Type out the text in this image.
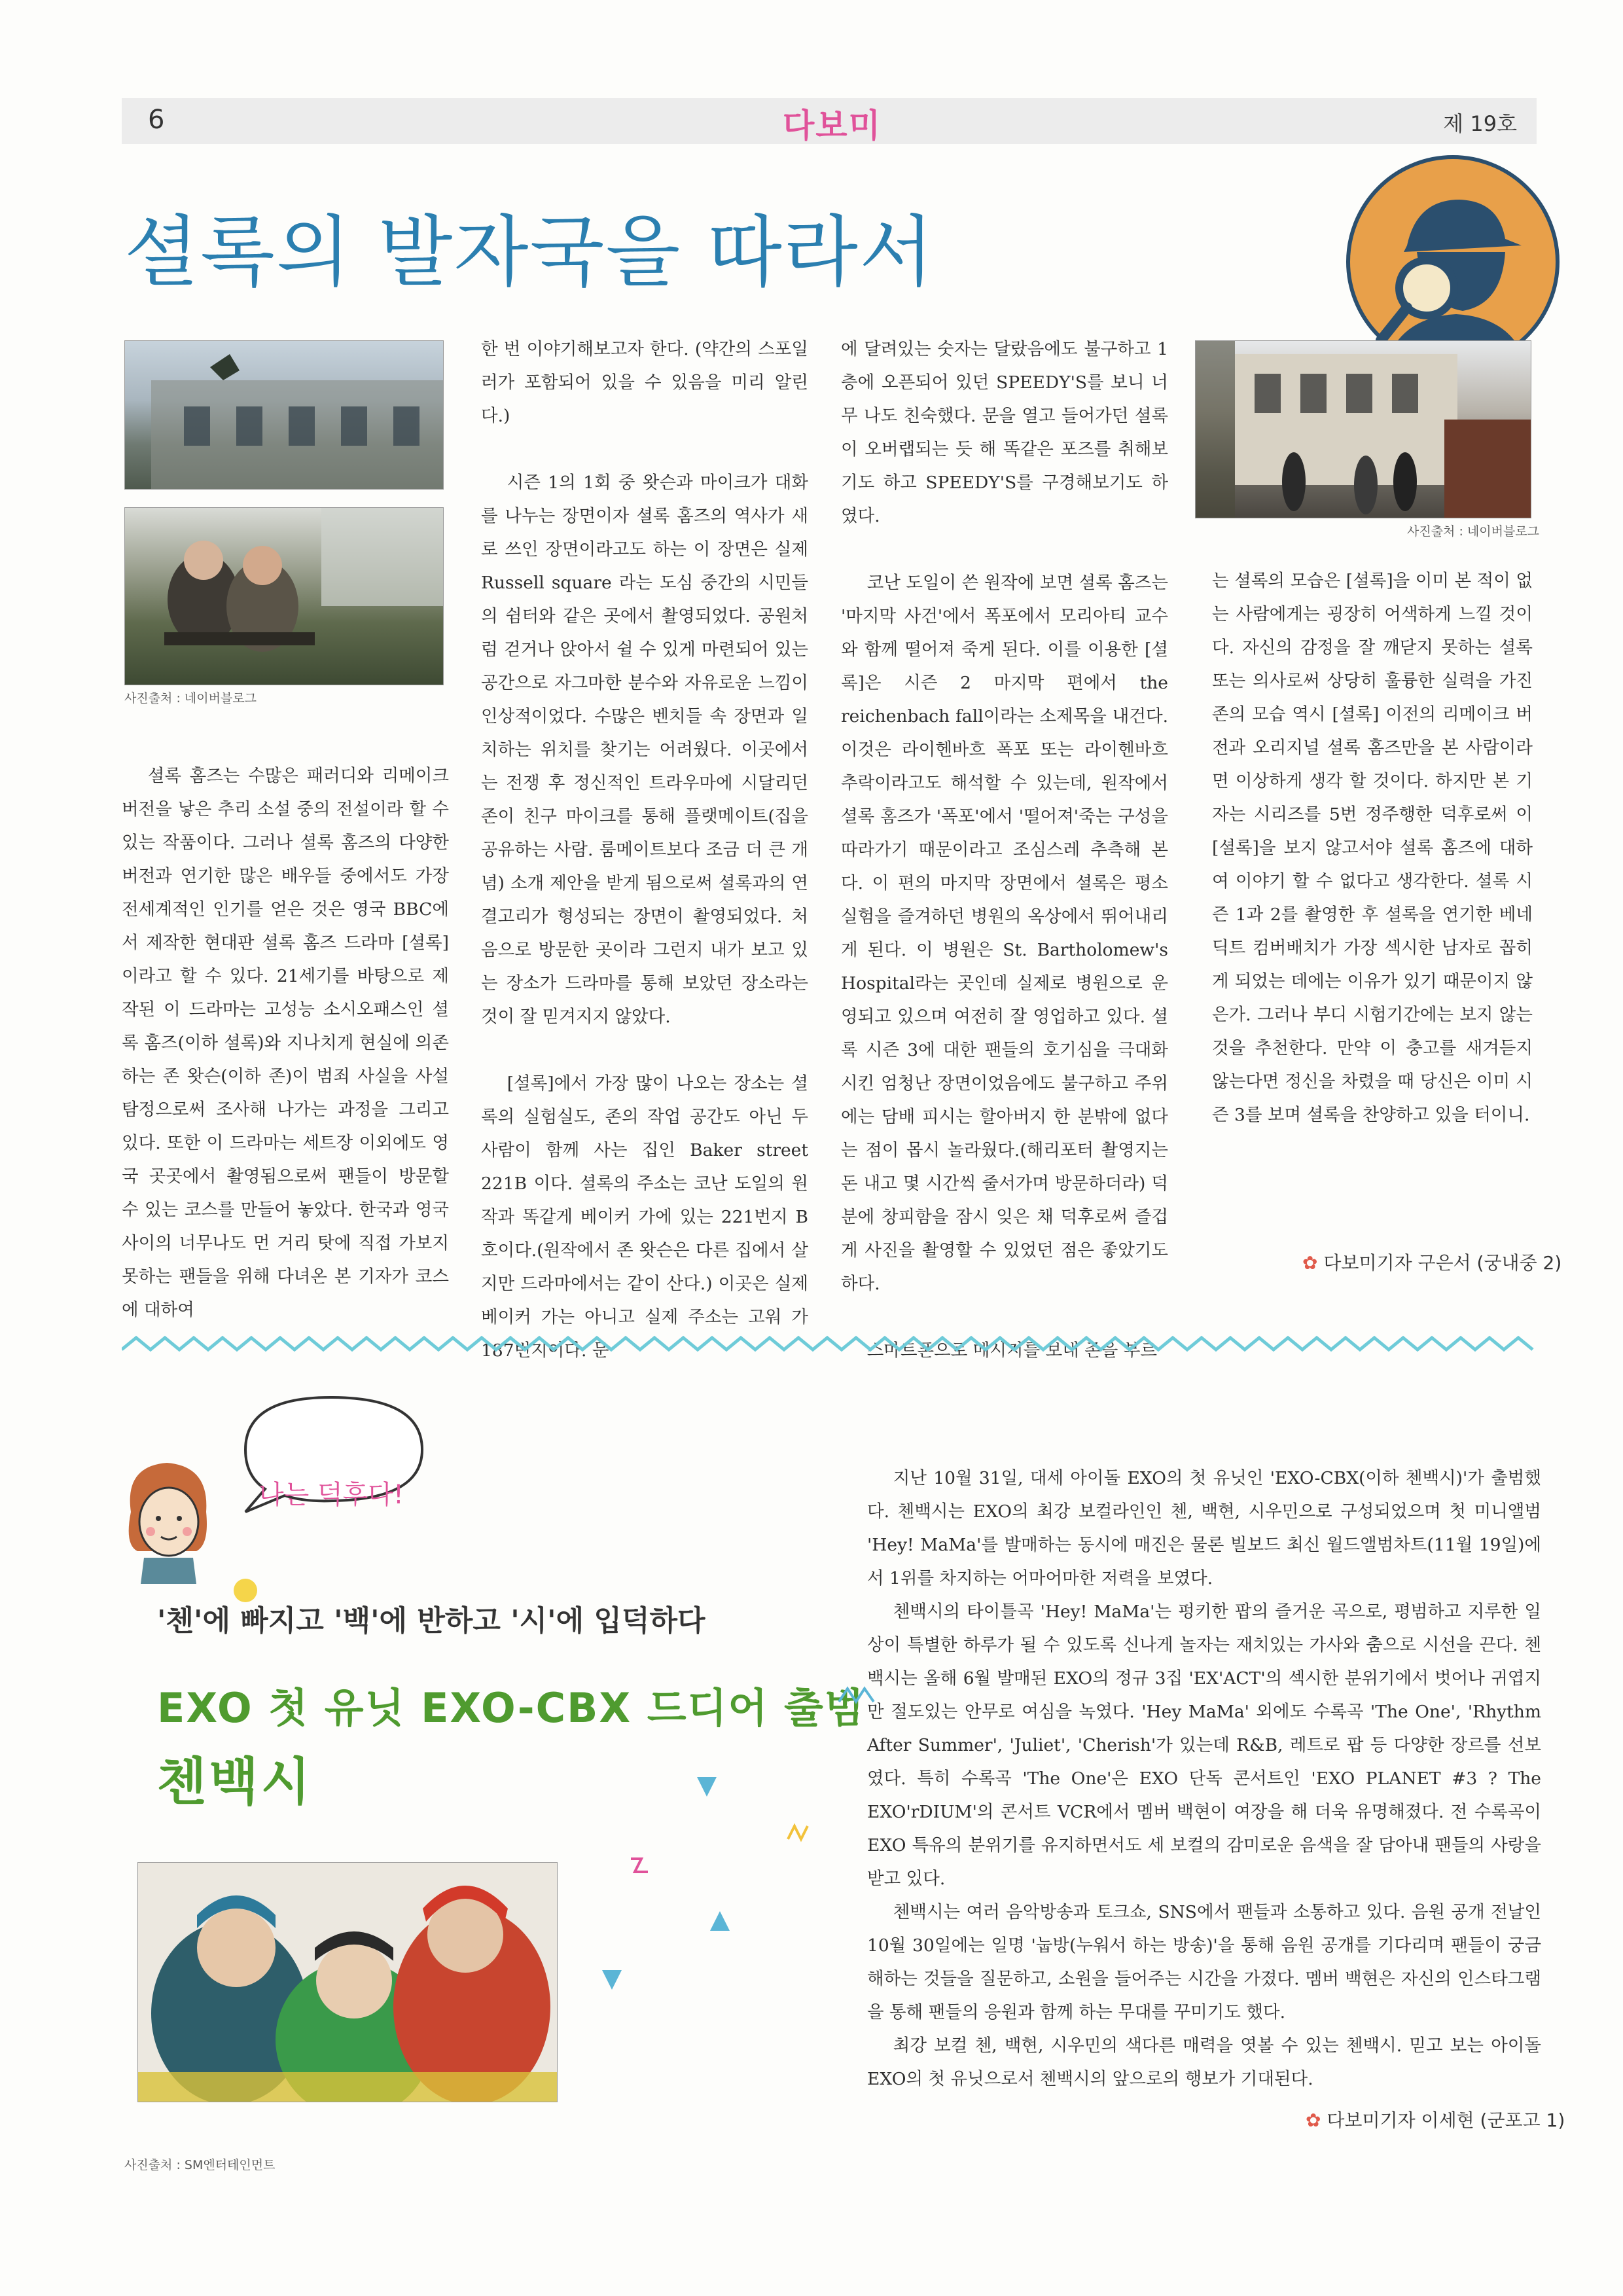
6	다보미	제 19호
셜록의 발자국을 따라서
사진출처 : 네이버블로그
사진출처 : 네이버블로그

셜록 홈즈는 수많은 패러디와 리메이크 버전을 낳은 추리 소설 중의 전설이라 할 수 있는 작품이다. 그러나 셜록 홈즈의 다양한 버전과 연기한 많은 배우들 중에서도 가장 전세계적인 인기를 얻은 것은 영국 BBC에서 제작한 현대판 셜록 홈즈 드라마 [셜록]이라고 할 수 있다. 21세기를 바탕으로 제작된 이 드라마는 고성능 소시오패스인 셜록 홈즈(이하 셜록)와 지나치게 현실에 의존하는 존 왓슨(이하 존)이 범죄 사실을 사설 탐정으로써 조사해 나가는 과정을 그리고 있다. 또한 이 드라마는 세트장 이외에도 영국 곳곳에서 촬영됨으로써 팬들이 방문할 수 있는 코스를 만들어 놓았다. 한국과 영국 사이의 너무나도 먼 거리 탓에 직접 가보지 못하는 팬들을 위해 다녀온 본 기자가 코스에 대하여

한 번 이야기해보고자 한다. (약간의 스포일러가 포함되어 있을 수 있음을 미리 알린다.)

시즌 1의 1회 중 왓슨과 마이크가 대화를 나누는 장면이자 셜록 홈즈의 역사가 새로 쓰인 장면이라고도 하는 이 장면은 실제 Russell square 라는 도심 중간의 시민들의 쉼터와 같은 곳에서 촬영되었다. 공원처럼 걷거나 앉아서 쉴 수 있게 마련되어 있는 공간으로 자그마한 분수와 자유로운 느낌이 인상적이었다. 수많은 벤치들 속 장면과 일치하는 위치를 찾기는 어려웠다. 이곳에서는 전쟁 후 정신적인 트라우마에 시달리던 존이 친구 마이크를 통해 플랫메이트(집을 공유하는 사람. 룸메이트보다 조금 더 큰 개념) 소개 제안을 받게 됨으로써 셜록과의 연결고리가 형성되는 장면이 촬영되었다. 처음으로 방문한 곳이라 그런지 내가 보고 있는 장소가 드라마를 통해 보았던 장소라는 것이 잘 믿겨지지 않았다.

[셜록]에서 가장 많이 나오는 장소는 셜록의 실험실도, 존의 작업 공간도 아닌 두 사람이 함께 사는 집인 Baker street 221B 이다. 셜록의 주소는 코난 도일의 원작과 똑같게 베이커 가에 있는 221번지 B호이다.(원작에서 존 왓슨은 다른 집에서 살지만 드라마에서는 같이 산다.) 이곳은 실제 베이커 가는 아니고 실제 주소는 고워 가 187번지이다. 문

에 달려있는 숫자는 달랐음에도 불구하고 1층에 오픈되어 있던 SPEEDY'S를 보니 너무 나도 친숙했다. 문을 열고 들어가던 셜록이 오버랩되는 듯 해 똑같은 포즈를 취해보기도 하고 SPEEDY'S를 구경해보기도 하였다.

코난 도일이 쓴 원작에 보면 셜록 홈즈는 '마지막 사건'에서 폭포에서 모리아티 교수와 함께 떨어져 죽게 된다. 이를 이용한 [셜록]은 시즌 2 마지막 편에서 the reichenbach fall이라는 소제목을 내건다. 이것은 라이헨바흐 폭포 또는 라이헨바흐 추락이라고도 해석할 수 있는데, 원작에서 셜록 홈즈가 '폭포'에서 '떨어져'죽는 구성을 따라가기 때문이라고 조심스레 추측해 본다. 이 편의 마지막 장면에서 셜록은 평소 실험을 즐겨하던 병원의 옥상에서 뛰어내리게 된다. 이 병원은 St. Bartholomew's Hospital라는 곳인데 실제로 병원으로 운영되고 있으며 여전히 잘 영업하고 있다. 셜록 시즌 3에 대한 팬들의 호기심을 극대화시킨 엄청난 장면이었음에도 불구하고 주위에는 담배 피시는 할아버지 한 분밖에 없다는 점이 몹시 놀라웠다.(해리포터 촬영지는 돈 내고 몇 시간씩 줄서가며 방문하더라) 덕분에 창피함을 잠시 잊은 채 덕후로써 즐겁게 사진을 촬영할 수 있었던 점은 좋았기도 하다.

스마트폰으로 메시지를 보내 존을 부르

는 셜록의 모습은 [셜록]을 이미 본 적이 없는 사람에게는 굉장히 어색하게 느낄 것이다. 자신의 감정을 잘 깨닫지 못하는 셜록 또는 의사로써 상당히 훌륭한 실력을 가진 존의 모습 역시 [셜록] 이전의 리메이크 버전과 오리지널 셜록 홈즈만을 본 사람이라면 이상하게 생각 할 것이다. 하지만 본 기자는 시리즈를 5번 정주행한 덕후로써 이 [셜록]을 보지 않고서야 셜록 홈즈에 대하여 이야기 할 수 없다고 생각한다. 셜록 시즌 1과 2를 촬영한 후 셜록을 연기한 베네딕트 컴버배치가 가장 섹시한 남자로 꼽히게 되었는 데에는 이유가 있기 때문이지 않은가. 그러나 부디 시험기간에는 보지 않는 것을 추천한다. 만약 이 충고를 새겨듣지 않는다면 정신을 차렸을 때 당신은 이미 시즌 3를 보며 셜록을 찬양하고 있을 터이니.

✿ 다보미기자 구은서 (궁내중 2)
나는 덕후다!
'첸'에 빠지고 '백'에 반하고 '시'에 입덕하다
EXO 첫 유닛 EXO-CBX 드디어 출범
첸백시
사진출처 : SM엔터테인먼트

지난 10월 31일, 대세 아이돌 EXO의 첫 유닛인 'EXO-CBX(이하 첸백시)'가 출범했다. 첸백시는 EXO의 최강 보컬라인인 첸, 백현, 시우민으로 구성되었으며 첫 미니앨범 'Hey! MaMa'를 발매하는 동시에 매진은 물론 빌보드 최신 월드앨범차트(11월 19일)에서 1위를 차지하는 어마어마한 저력을 보였다.

첸백시의 타이틀곡 'Hey! MaMa'는 펑키한 팝의 즐거운 곡으로, 평범하고 지루한 일상이 특별한 하루가 될 수 있도록 신나게 놀자는 재치있는 가사와 춤으로 시선을 끈다. 첸백시는 올해 6월 발매된 EXO의 정규 3집 'EX'ACT'의 섹시한 분위기에서 벗어나 귀엽지만 절도있는 안무로 여심을 녹였다. 'Hey MaMa' 외에도 수록곡 'The One', 'Rhythm After Summer', 'Juliet', 'Cherish'가 있는데 R&B, 레트로 팝 등 다양한 장르를 선보였다. 특히 수록곡 'The One'은 EXO 단독 콘서트인 'EXO PLANET #3 ? The EXO'rDIUM'의 콘서트 VCR에서 멤버 백현이 여장을 해 더욱 유명해졌다. 전 수록곡이 EXO 특유의 분위기를 유지하면서도 세 보컬의 감미로운 음색을 잘 담아내 팬들의 사랑을 받고 있다.

첸백시는 여러 음악방송과 토크쇼, SNS에서 팬들과 소통하고 있다. 음원 공개 전날인 10월 30일에는 일명 '눕방(누워서 하는 방송)'을 통해 음원 공개를 기다리며 팬들이 궁금해하는 것들을 질문하고, 소원을 들어주는 시간을 가졌다. 멤버 백현은 자신의 인스타그램을 통해 팬들의 응원과 함께 하는 무대를 꾸미기도 했다.

최강 보컬 첸, 백현, 시우민의 색다른 매력을 엿볼 수 있는 첸백시. 믿고 보는 아이돌 EXO의 첫 유닛으로서 첸백시의 앞으로의 행보가 기대된다.

✿ 다보미기자 이세현 (군포고 1)
